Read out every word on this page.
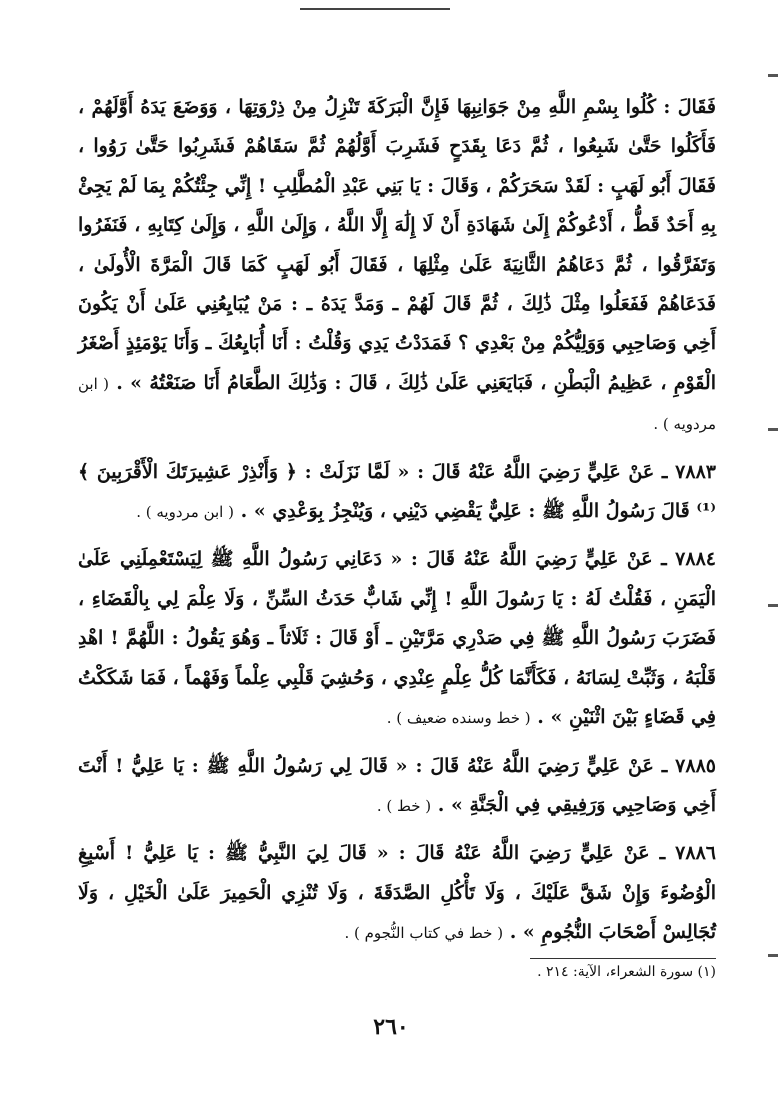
فَقَالَ : كُلُوا بِسْمِ اللَّهِ مِنْ جَوَانِبِهَا فَإِنَّ الْبَرَكَةَ تَنْزِلُ مِنْ ذِرْوَتِهَا ، وَوَضَعَ يَدَهُ أَوَّلَهُمْ ، فَأَكَلُوا حَتَّىٰ شَبِعُوا ، ثُمَّ دَعَا بِقَدَحٍ فَشَرِبَ أَوَّلُهُمْ ثُمَّ سَقَاهُمْ فَشَرِبُوا حَتَّىٰ رَوُوا ، فَقَالَ أَبُو لَهَبٍ : لَقَدْ سَحَرَكُمْ ، وَقَالَ : يَا بَنِي عَبْدِ الْمُطَّلِبِ ! إِنِّي جِئْتُكُمْ بِمَا لَمْ يَجِئْ بِهِ أَحَدٌ قَطُّ ، أَدْعُوكُمْ إِلَىٰ شَهَادَةِ أَنْ لَا إِلَٰهَ إِلَّا اللَّهُ ، وَإِلَىٰ اللَّهِ ، وَإِلَىٰ كِتَابِهِ ، فَنَفَرُوا وَتَفَرَّقُوا ، ثُمَّ دَعَاهُمُ الثَّانِيَةَ عَلَىٰ مِثْلِهَا ، فَقَالَ أَبُو لَهَبٍ كَمَا قَالَ الْمَرَّةَ الْأُولَىٰ ، فَدَعَاهُمْ فَفَعَلُوا مِثْلَ ذَٰلِكَ ، ثُمَّ قَالَ لَهُمْ ـ وَمَدَّ يَدَهُ ـ : مَنْ يُبَايِعُنِي عَلَىٰ أَنْ يَكُونَ أَخِي وَصَاحِبِي وَوَلِيُّكُمْ مِنْ بَعْدِي ؟ فَمَدَدْتُ يَدِي وَقُلْتُ : أَنَا أُبَايِعُكَ ـ وَأَنَا يَوْمَئِذٍ أَصْغَرُ الْقَوْمِ ، عَظِيمُ الْبَطْنِ ، فَبَايَعَنِي عَلَىٰ ذَٰلِكَ ، قَالَ : وَذَٰلِكَ الطَّعَامُ أَنَا صَنَعْتُهُ » . ( ابن مردويه ) .

٧٨٨٣ ـ عَنْ عَلِيٍّ رَضِيَ اللَّهُ عَنْهُ قَالَ : « لَمَّا نَزَلَتْ : ﴿ وَأَنْذِرْ عَشِيرَتَكَ الْأَقْرَبِينَ ﴾⁽¹⁾ قَالَ رَسُولُ اللَّهِ ﷺ : عَلِيٌّ يَقْضِي دَيْنِي ، وَيُنْجِزُ بِوَعْدِي » . ( ابن مردويه ) .

٧٨٨٤ ـ عَنْ عَلِيٍّ رَضِيَ اللَّهُ عَنْهُ قَالَ : « دَعَانِي رَسُولُ اللَّهِ ﷺ لِيَسْتَعْمِلَنِي عَلَىٰ الْيَمَنِ ، فَقُلْتُ لَهُ : يَا رَسُولَ اللَّهِ ! إِنِّي شَابٌّ حَدَثُ السِّنِّ ، وَلَا عِلْمَ لِي بِالْقَضَاءِ ، فَضَرَبَ رَسُولُ اللَّهِ ﷺ فِي صَدْرِي مَرَّتَيْنِ ـ أَوْ قَالَ : ثَلَاثاً ـ وَهُوَ يَقُولُ : اللَّهُمَّ ! اهْدِ قَلْبَهُ ، وَثَبِّتْ لِسَانَهُ ، فَكَأَنَّمَا كُلُّ عِلْمٍ عِنْدِي ، وَحُشِيَ قَلْبِي عِلْماً وَفَهْماً ، فَمَا شَكَكْتُ فِي قَضَاءٍ بَيْنَ اثْنَيْنِ » . ( خط وسنده ضعيف ) .

٧٨٨٥ ـ عَنْ عَلِيٍّ رَضِيَ اللَّهُ عَنْهُ قَالَ : « قَالَ لِي رَسُولُ اللَّهِ ﷺ : يَا عَلِيُّ ! أَنْتَ أَخِي وَصَاحِبِي وَرَفِيقِي فِي الْجَنَّةِ » . ( خط ) .

٧٨٨٦ ـ عَنْ عَلِيٍّ رَضِيَ اللَّهُ عَنْهُ قَالَ : « قَالَ لِيَ النَّبِيُّ ﷺ : يَا عَلِيُّ ! أَسْبِغِ الْوُضُوءَ وَإِنْ شَقَّ عَلَيْكَ ، وَلَا تَأْكُلِ الصَّدَقَةَ ، وَلَا تُنْزِي الْحَمِيرَ عَلَىٰ الْخَيْلِ ، وَلَا تُجَالِسْ أَصْحَابَ النُّجُومِ » . ( خط في كتاب النُّجوم ) .

(١) سورة الشعراء، الآية: ٢١٤ .
٢٦٠
